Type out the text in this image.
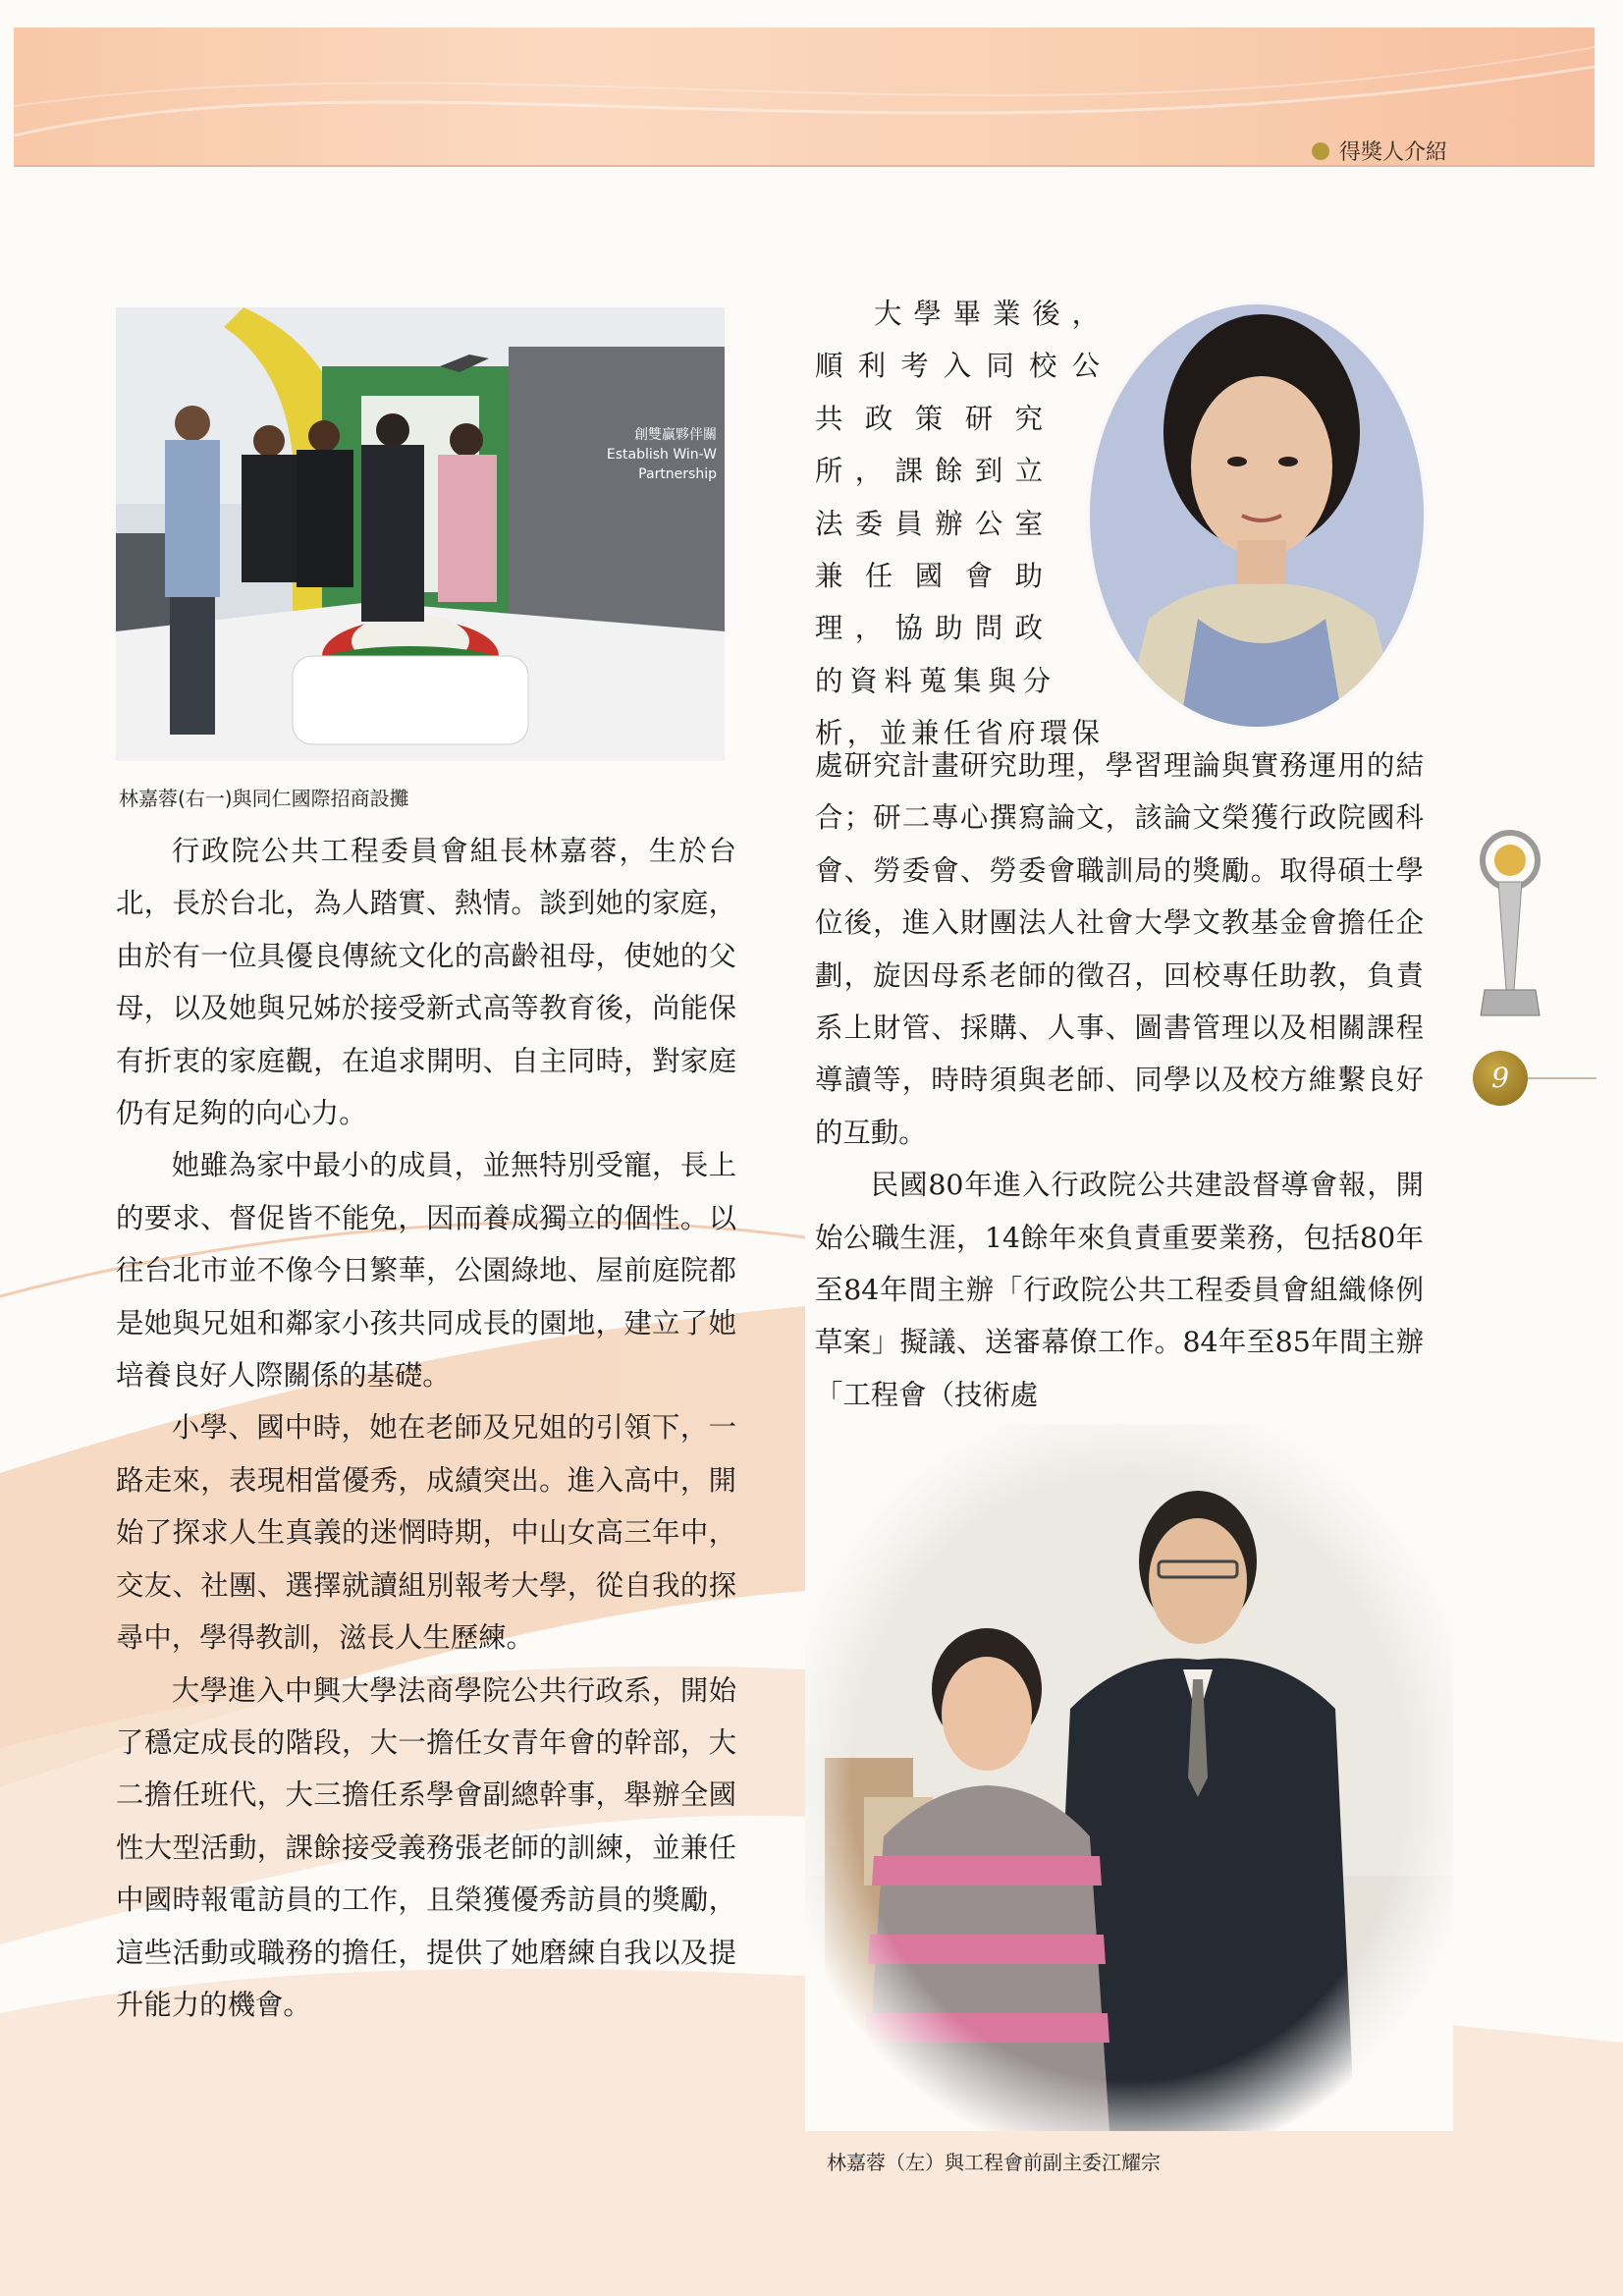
得獎人介紹
創雙贏夥伴關
Establish Win-W
Partnership
林嘉蓉(右一)與同仁國際招商設攤
大學畢業後，
順利考入同校公
共政策研究
所，課餘到立
法委員辦公室
兼任國會助
理，協助問政
的資料蒐集與分
析，並兼任省府環保

處研究計畫研究助理，學習理論與實務運用的結合；研二專心撰寫論文，該論文榮獲行政院國科會、勞委會、勞委會職訓局的獎勵。取得碩士學位後，進入財團法人社會大學文教基金會擔任企劃，旋因母系老師的徵召，回校專任助教，負責系上財管、採購、人事、圖書管理以及相關課程導讀等，時時須與老師、同學以及校方維繫良好的互動。

民國80年進入行政院公共建設督導會報，開始公職生涯，14餘年來負責重要業務，包括80年至84年間主辦「行政院公共工程委員會組織條例草案」擬議、送審幕僚工作。84年至85年間主辦「工程會（技術處

行政院公共工程委員會組長林嘉蓉，生於台北，長於台北，為人踏實、熱情。談到她的家庭，由於有一位具優良傳統文化的高齡祖母，使她的父母，以及她與兄姊於接受新式高等教育後，尚能保有折衷的家庭觀，在追求開明、自主同時，對家庭仍有足夠的向心力。

她雖為家中最小的成員，並無特別受寵，長上的要求、督促皆不能免，因而養成獨立的個性。以往台北市並不像今日繁華，公園綠地、屋前庭院都是她與兄姐和鄰家小孩共同成長的園地，建立了她培養良好人際關係的基礎。

小學、國中時，她在老師及兄姐的引領下，一路走來，表現相當優秀，成績突出。進入高中，開始了探求人生真義的迷惘時期，中山女高三年中，交友、社團、選擇就讀組別報考大學，從自我的探尋中，學得教訓，滋長人生歷練。

大學進入中興大學法商學院公共行政系，開始了穩定成長的階段，大一擔任女青年會的幹部，大二擔任班代，大三擔任系學會副總幹事，舉辦全國性大型活動，課餘接受義務張老師的訓練，並兼任中國時報電訪員的工作，且榮獲優秀訪員的獎勵，這些活動或職務的擔任，提供了她磨練自我以及提升能力的機會。

9
林嘉蓉（左）與工程會前副主委江耀宗
